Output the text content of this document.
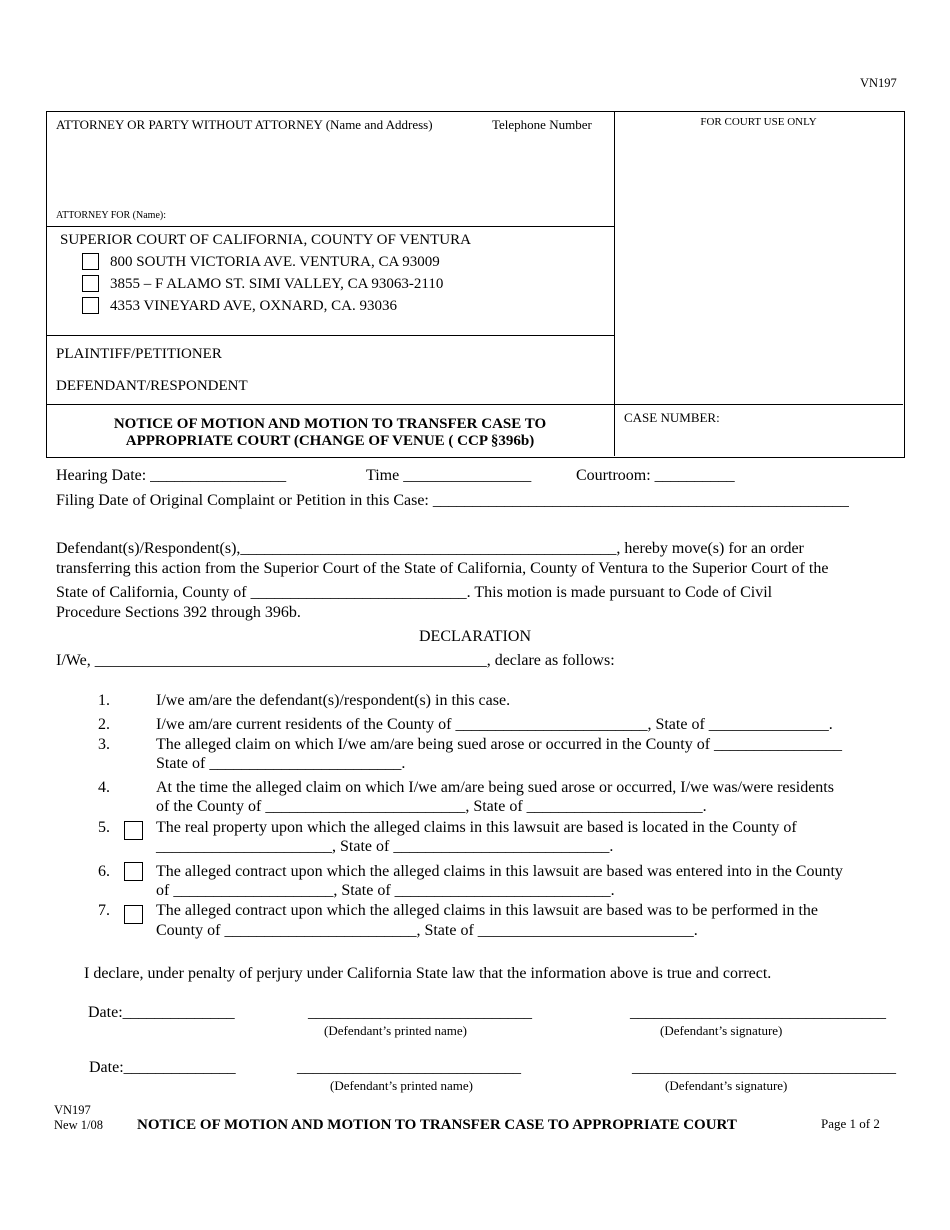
VN197
ATTORNEY OR PARTY WITHOUT ATTORNEY (Name and Address)	Telephone Number	FOR COURT USE ONLY
ATTORNEY FOR (Name):
SUPERIOR COURT OF CALIFORNIA, COUNTY OF VENTURA
800 SOUTH VICTORIA AVE. VENTURA, CA 93009
3855 – F ALAMO ST. SIMI VALLEY, CA 93063-2110
4353 VINEYARD AVE, OXNARD, CA. 93036
PLAINTIFF/PETITIONER
DEFENDANT/RESPONDENT
NOTICE OF MOTION AND MOTION TO TRANSFER CASE TO
APPROPRIATE COURT (CHANGE OF VENUE ( CCP §396b)
CASE NUMBER:
Hearing Date: _________________	Time ________________	Courtroom: __________
Filing Date of Original Complaint or Petition in this Case: ____________________________________________________
Defendant(s)/Respondent(s),_______________________________________________, hereby move(s) for an order
transferring this action from the Superior Court of the State of California, County of Ventura to the Superior Court of the
State of California, County of ___________________________. This motion is made pursuant to Code of Civil
Procedure Sections 392 through 396b.
DECLARATION
I/We, _________________________________________________, declare as follows:
1.	I/we am/are the defendant(s)/respondent(s) in this case.
2.	I/we am/are current residents of the County of ________________________, State of _______________.
3.	The alleged claim on which I/we am/are being sued arose or occurred in the County of ________________
State of ________________________.
4.	At the time the alleged claim on which I/we am/are being sued arose or occurred, I/we was/were residents
of the County of _________________________, State of ______________________.
5.	The real property upon which the alleged claims in this lawsuit are based is located in the County of
______________________, State of ___________________________.
6.	The alleged contract upon which the alleged claims in this lawsuit are based was entered into in the County
of ____________________, State of ___________________________.
7.	The alleged contract upon which the alleged claims in this lawsuit are based was to be performed in the
County of ________________________, State of ___________________________.
I declare, under penalty of perjury under California State law that the information above is true and correct.
Date:______________	____________________________
(Defendant’s printed name)
________________________________
(Defendant’s signature)
Date:______________	____________________________
(Defendant’s printed name)
_________________________________
(Defendant’s signature)
VN197
New 1/08 NOTICE OF MOTION AND MOTION TO TRANSFER CASE TO APPROPRIATE COURT	Page 1 of 2
